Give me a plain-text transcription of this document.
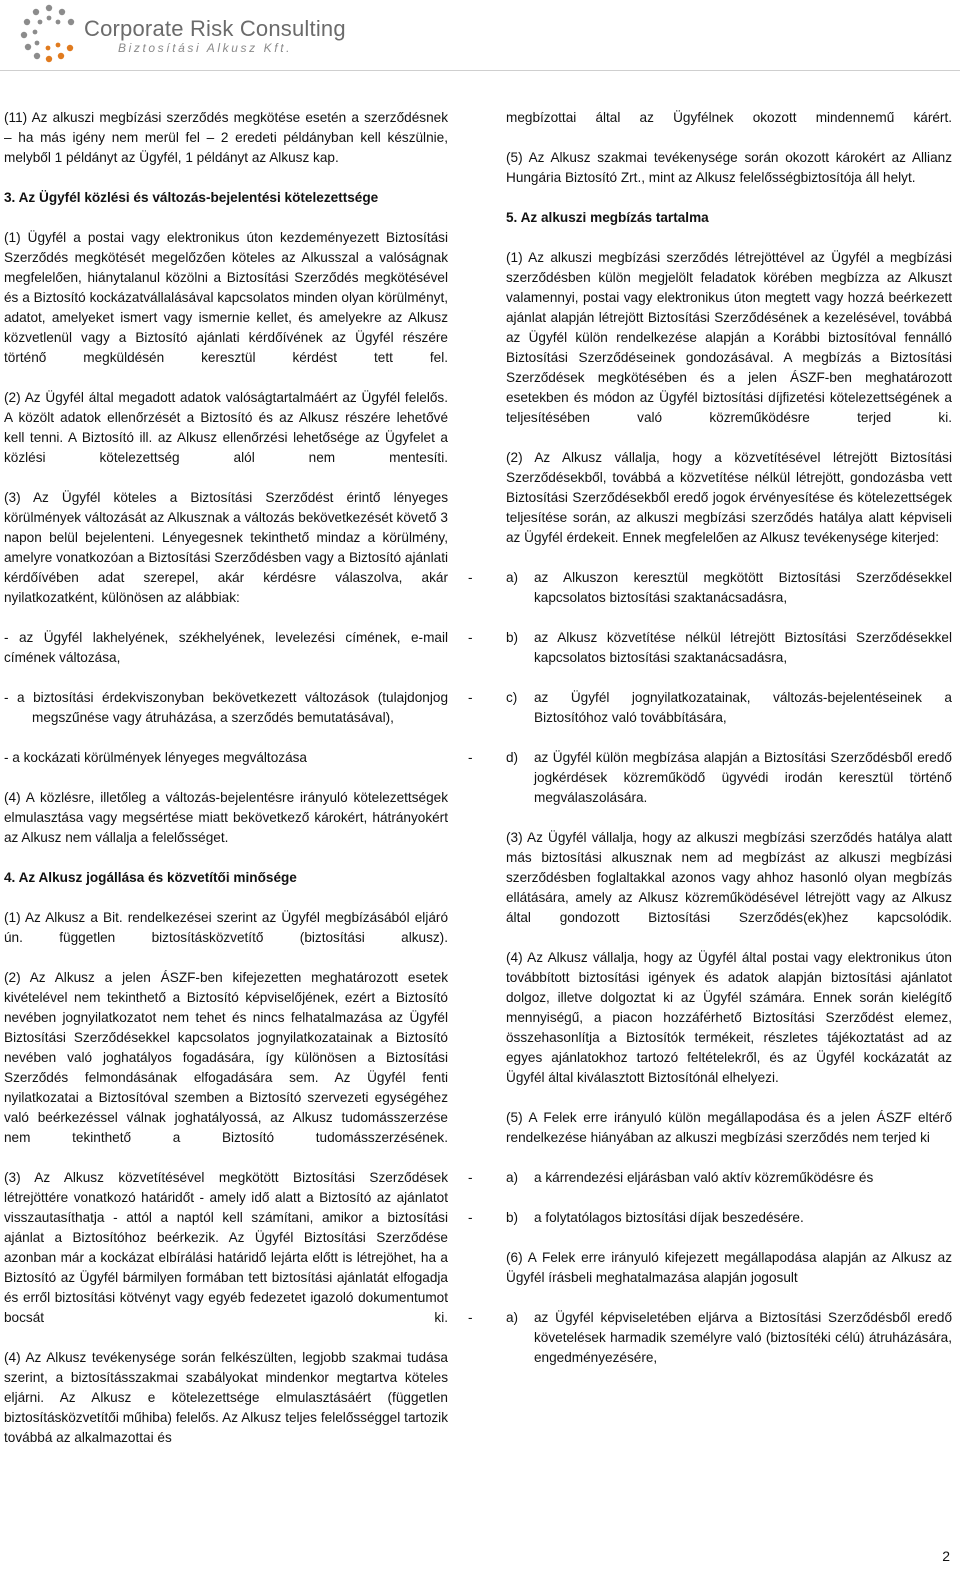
Corporate Risk Consulting
Biztosítási Alkusz Kft.

(11) Az alkuszi megbízási szerződés megkötése esetén a szerződésnek – ha más igény nem merül fel – 2 eredeti példányban kell készülnie, melyből 1 példányt az Ügyfél, 1 példányt az Alkusz kap.

3. Az Ügyfél közlési és változás-bejelentési kötelezettsége

(1) Ügyfél a postai vagy elektronikus úton kezdeményezett Biztosítási Szerződés megkötését megelőzően köteles az Alkusszal a valóságnak megfelelően, hiánytalanul közölni a Biztosítási Szerződés megkötésével és a Biztosító kockázatvállalásával kapcsolatos minden olyan körülményt, adatot, amelyeket ismert vagy ismernie kellet, és amelyekre az Alkusz közvetlenül vagy a Biztosító ajánlati kérdőívének az Ügyfél részére történő megküldésén keresztül kérdést tett fel.

(2) Az Ügyfél által megadott adatok valóságtartalmáért az Ügyfél felelős. A közölt adatok ellenőrzését a Biztosító és az Alkusz részére lehetővé kell tenni. A Biztosító ill. az Alkusz ellenőrzési lehetősége az Ügyfelet a közlési kötelezettség alól nem mentesíti.

(3) Az Ügyfél köteles a Biztosítási Szerződést érintő lényeges körülmények változását az Alkusznak a változás bekövetkezését követő 3 napon belül bejelenteni. Lényegesnek tekinthető mindaz a körülmény, amelyre vonatkozóan a Biztosítási Szerződésben vagy a Biztosító ajánlati kérdőívében adat szerepel, akár kérdésre válaszolva, akár nyilatkozatként, különösen az alábbiak:

- az Ügyfél lakhelyének, székhelyének, levelezési címének, e-mail címének változása,

- a biztosítási érdekviszonyban bekövetkezett változások (tulajdonjog megszűnése vagy átruházása, a szerződés bemutatásával),

- a kockázati körülmények lényeges megváltozása

(4) A közlésre, illetőleg a változás-bejelentésre irányuló kötelezettségek elmulasztása vagy megsértése miatt bekövetkező károkért, hátrányokért az Alkusz nem vállalja a felelősséget.

4. Az Alkusz jogállása és közvetítői minősége

(1) Az Alkusz a Bit. rendelkezései szerint az Ügyfél megbízásából eljáró ún. független biztosításközvetítő (biztosítási alkusz).

(2) Az Alkusz a jelen ÁSZF-ben kifejezetten meghatározott esetek kivételével nem tekinthető a Biztosító képviselőjének, ezért a Biztosító nevében jognyilatkozatot nem tehet és nincs felhatalmazása az Ügyfél Biztosítási Szerződésekkel kapcsolatos jognyilatkozatainak a Biztosító nevében való joghatályos fogadására, így különösen a Biztosítási Szerződés felmondásának elfogadására sem. Az Ügyfél fenti nyilatkozatai a Biztosítóval szemben a Biztosító szervezeti egységéhez való beérkezéssel válnak joghatályossá, az Alkusz tudomásszerzése nem tekinthető a Biztosító tudomásszerzésének.

(3) Az Alkusz közvetítésével megkötött Biztosítási Szerződések létrejöttére vonatkozó határidőt - amely idő alatt a Biztosító az ajánlatot visszautasíthatja - attól a naptól kell számítani, amikor a biztosítási ajánlat a Biztosítóhoz beérkezik. Az Ügyfél Biztosítási Szerződése azonban már a kockázat elbírálási határidő lejárta előtt is létrejöhet, ha a Biztosító az Ügyfél bármilyen formában tett biztosítási ajánlatát elfogadja és erről biztosítási kötvényt vagy egyéb fedezetet igazoló dokumentumot bocsát ki.

(4) Az Alkusz tevékenysége során felkészülten, legjobb szakmai tudása szerint, a biztosításszakmai szabályokat mindenkor megtartva köteles eljárni. Az Alkusz e kötelezettsége elmulasztásáért (független biztosításközvetítői műhiba) felelős. Az Alkusz teljes felelősséggel tartozik továbbá az alkalmazottai és

megbízottai által az Ügyfélnek okozott mindennemű kárért.

(5) Az Alkusz szakmai tevékenysége során okozott károkért az Allianz Hungária Biztosító Zrt., mint az Alkusz felelősségbiztosítója áll helyt.

5. Az alkuszi megbízás tartalma

(1) Az alkuszi megbízási szerződés létrejöttével az Ügyfél a megbízási szerződésben külön megjelölt feladatok körében megbízza az Alkuszt valamennyi, postai vagy elektronikus úton megtett vagy hozzá beérkezett ajánlat alapján létrejött Biztosítási Szerződésének a kezelésével, továbbá az Ügyfél külön rendelkezése alapján a Korábbi biztosítóval fennálló Biztosítási Szerződéseinek gondozásával. A megbízás a Biztosítási Szerződések megkötésében és a jelen ÁSZF-ben meghatározott esetekben és módon az Ügyfél biztosítási díjfizetési kötelezettségének a teljesítésében való közreműködésre terjed ki.

(2) Az Alkusz vállalja, hogy a közvetítésével létrejött Biztosítási Szerződésekből, továbbá a közvetítése nélkül létrejött, gondozásba vett Biztosítási Szerződésekből eredő jogok érvényesítése és kötelezettségek teljesítése során, az alkuszi megbízási szerződés hatálya alatt képviseli az Ügyfél érdekeit. Ennek megfelelően az Alkusz tevékenysége kiterjed:

- a)	az Alkuszon keresztül megkötött Biztosítási Szerződésekkel kapcsolatos biztosítási szaktanácsadásra,
- b)	az Alkusz közvetítése nélkül létrejött Biztosítási Szerződésekkel kapcsolatos biztosítási szaktanácsadásra,
- c)	az Ügyfél jognyilatkozatainak, változás-bejelentéseinek a Biztosítóhoz való továbbítására,
- d)	az Ügyfél külön megbízása alapján a Biztosítási Szerződésből eredő jogkérdések közreműködő ügyvédi irodán keresztül történő megválaszolására.

(3) Az Ügyfél vállalja, hogy az alkuszi megbízási szerződés hatálya alatt más biztosítási alkusznak nem ad megbízást az alkuszi megbízási szerződésben foglaltakkal azonos vagy ahhoz hasonló olyan megbízás ellátására, amely az Alkusz közreműködésével létrejött vagy az Alkusz által gondozott Biztosítási Szerződés(ek)hez kapcsolódik.

(4) Az Alkusz vállalja, hogy az Ügyfél által postai vagy elektronikus úton továbbított biztosítási igények és adatok alapján biztosítási ajánlatot dolgoz, illetve dolgoztat ki az Ügyfél számára. Ennek során kielégítő mennyiségű, a piacon hozzáférhető Biztosítási Szerződést elemez, összehasonlítja a Biztosítók termékeit, részletes tájékoztatást ad az egyes ajánlatokhoz tartozó feltételekről, és az Ügyfél kockázatát az Ügyfél által kiválasztott Biztosítónál elhelyezi.

(5) A Felek erre irányuló külön megállapodása és a jelen ÁSZF eltérő rendelkezése hiányában az alkuszi megbízási szerződés nem terjed ki

- a)	a kárrendezési eljárásban való aktív közreműködésre és
- b)	a folytatólagos biztosítási díjak beszedésére.

(6) A Felek erre irányuló kifejezett megállapodása alapján az Alkusz az Ügyfél írásbeli meghatalmazása alapján jogosult

- a)	az Ügyfél képviseletében eljárva a Biztosítási Szerződésből eredő követelések harmadik személyre való (biztosítéki célú) átruházására, engedményezésére,
2
